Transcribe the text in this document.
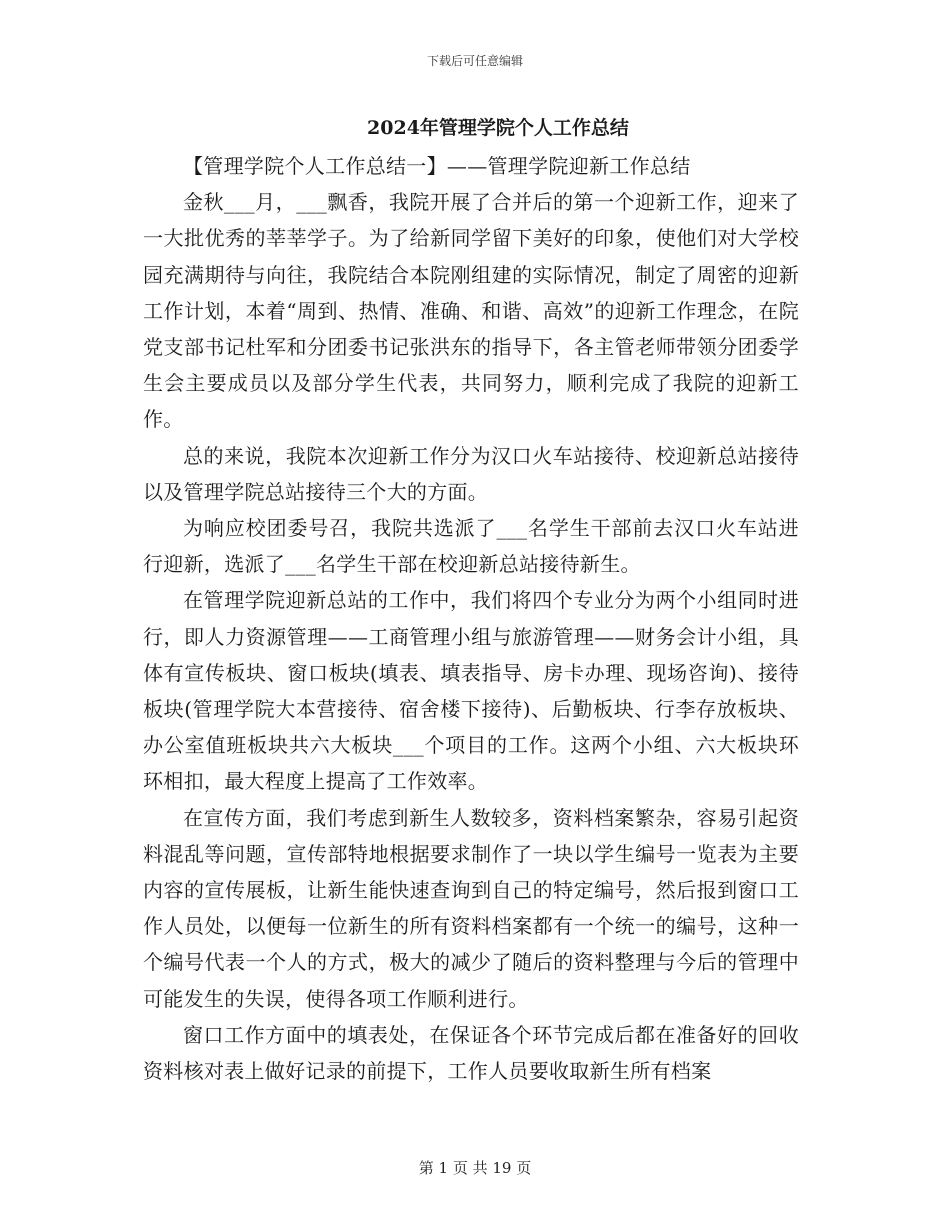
下载后可任意编辑
2024年管理学院个人工作总结

【管理学院个人工作总结一】——管理学院迎新工作总结

金秋___月，___飘香，我院开展了合并后的第一个迎新工作，迎来了一大批优秀的莘莘学子。为了给新同学留下美好的印象，使他们对大学校园充满期待与向往，我院结合本院刚组建的实际情况，制定了周密的迎新工作计划，本着“周到、热情、准确、和谐、高效”的迎新工作理念，在院党支部书记杜军和分团委书记张洪东的指导下，各主管老师带领分团委学生会主要成员以及部分学生代表，共同努力，顺利完成了我院的迎新工作。

总的来说，我院本次迎新工作分为汉口火车站接待、校迎新总站接待以及管理学院总站接待三个大的方面。

为响应校团委号召，我院共选派了___名学生干部前去汉口火车站进行迎新，选派了___名学生干部在校迎新总站接待新生。

在管理学院迎新总站的工作中，我们将四个专业分为两个小组同时进行，即人力资源管理——工商管理小组与旅游管理——财务会计小组，具体有宣传板块、窗口板块(填表、填表指导、房卡办理、现场咨询)、接待板块(管理学院大本营接待、宿舍楼下接待)、后勤板块、行李存放板块、办公室值班板块共六大板块___个项目的工作。这两个小组、六大板块环环相扣，最大程度上提高了工作效率。

在宣传方面，我们考虑到新生人数较多，资料档案繁杂，容易引起资料混乱等问题，宣传部特地根据要求制作了一块以学生编号一览表为主要内容的宣传展板，让新生能快速查询到自己的特定编号，然后报到窗口工作人员处，以便每一位新生的所有资料档案都有一个统一的编号，这种一个编号代表一个人的方式，极大的减少了随后的资料整理与今后的管理中可能发生的失误，使得各项工作顺利进行。

窗口工作方面中的填表处，在保证各个环节完成后都在准备好的回收资料核对表上做好记录的前提下，工作人员要收取新生所有档案

第 1 页 共 19 页
